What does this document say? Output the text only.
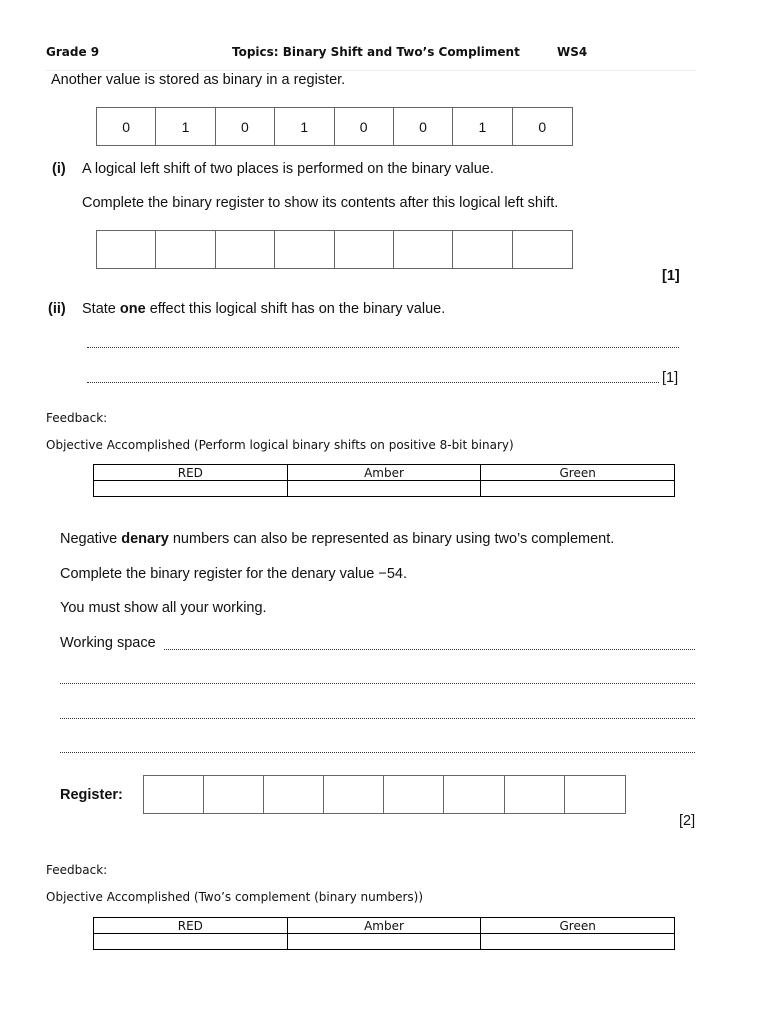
Grade 9	Topics: Binary Shift and Two’s Compliment	WS4
Another value is stored as binary in a register.
0	1	0	1	0	0	1	0
(i) A logical left shift of two places is performed on the binary value.
Complete the binary register to show its contents after this logical left shift.
[1]
(ii) State one effect this logical shift has on the binary value.
[1]
Feedback:
Objective Accomplished (Perform logical binary shifts on positive 8-bit binary)
RED	Amber	Green

Negative denary numbers can also be represented as binary using two’s complement.
Complete the binary register for the denary value −54.
You must show all your working.
Working space
Register:
[2]
Feedback:
Objective Accomplished (Two’s complement (binary numbers))
RED	Amber	Green
